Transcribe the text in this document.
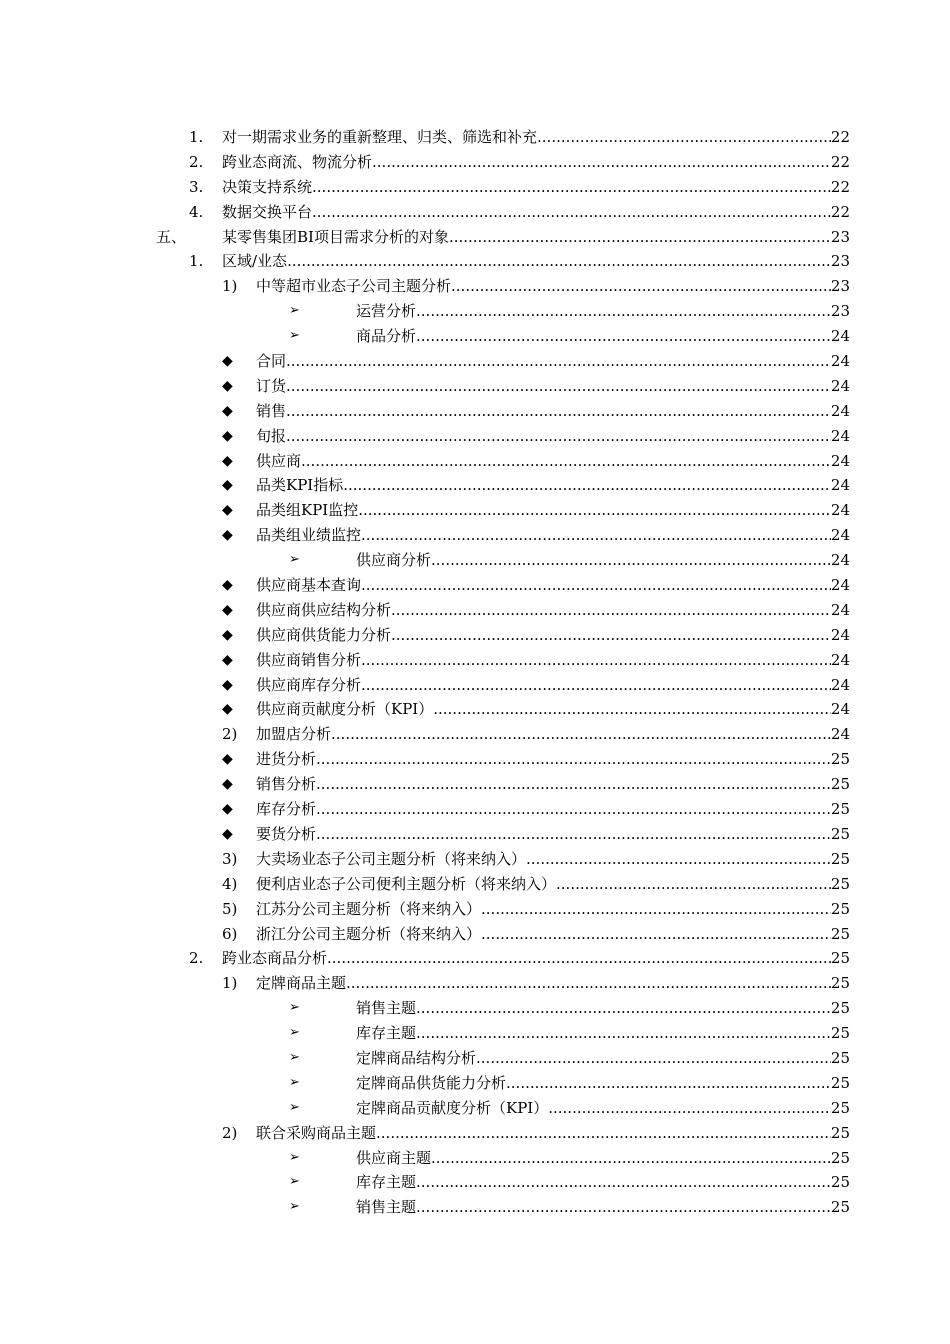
1. 对一期需求业务的重新整理、归类、筛选和补充 .....	22
2. 跨业态商流、物流分析 .....	22
3. 决策支持系统 .....	22
4. 数据交换平台 .....	22
五、 某零售集团BI项目需求分析的对象 .....	23
1. 区域/业态 .....	23
1) 中等超市业态子公司主题分析 .....	23
➢	运营分析 .....	23
➢	商品分析 .....	24
◆ 合同 .....	24
◆ 订货 .....	24
◆ 销售 .....	24
◆ 旬报 .....	24
◆ 供应商 .....	24
◆ 品类KPI指标 .....	24
◆ 品类组KPI监控 .....	24
◆ 品类组业绩监控 .....	24
➢	供应商分析 .....	24
◆ 供应商基本查询 .....	24
◆ 供应商供应结构分析 .....	24
◆ 供应商供货能力分析 .....	24
◆ 供应商销售分析 .....	24
◆ 供应商库存分析 .....	24
◆ 供应商贡献度分析（KPI） .....	24
2) 加盟店分析 .....	24
◆ 进货分析 .....	25
◆ 销售分析 .....	25
◆ 库存分析 .....	25
◆ 要货分析 .....	25
3) 大卖场业态子公司主题分析（将来纳入） .....	25
4) 便利店业态子公司便利主题分析（将来纳入） .....	25
5) 江苏分公司主题分析（将来纳入） .....	25
6) 浙江分公司主题分析（将来纳入） .....	25
2. 跨业态商品分析 .....	25
1) 定牌商品主题 .....	25
➢	销售主题 .....	25
➢	库存主题 .....	25
➢	定牌商品结构分析 .....	25
➢	定牌商品供货能力分析 .....	25
➢	定牌商品贡献度分析（KPI） .....	25
2) 联合采购商品主题 .....	25
➢	供应商主题 .....	25
➢	库存主题 .....	25
➢	销售主题 .....	25
